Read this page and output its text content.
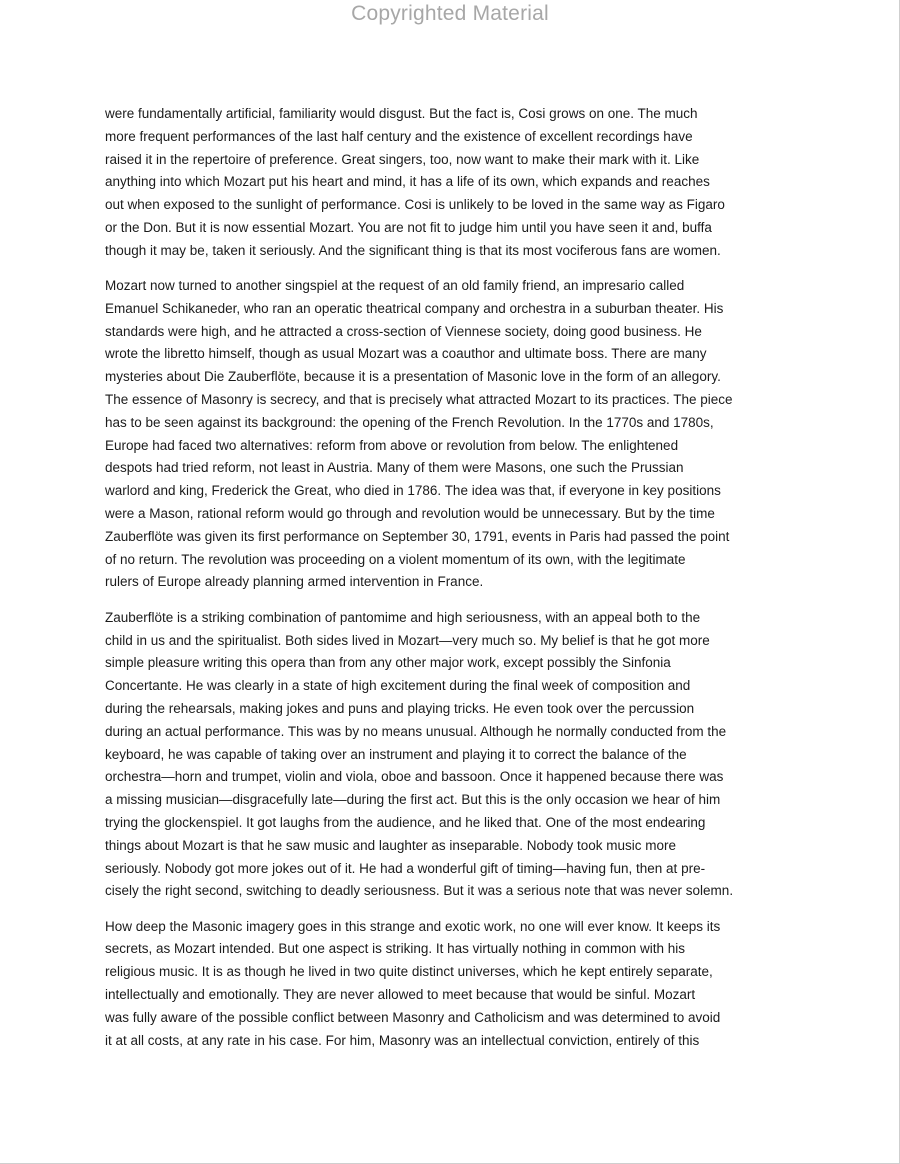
Copyrighted Material

were fundamentally artificial, familiarity would disgust. But the fact is, Cosi grows on one. The much
more frequent performances of the last half century and the existence of excellent recordings have
raised it in the repertoire of preference. Great singers, too, now want to make their mark with it. Like
anything into which Mozart put his heart and mind, it has a life of its own, which expands and reaches
out when exposed to the sunlight of performance. Cosi is unlikely to be loved in the same way as Figaro
or the Don. But it is now essential Mozart. You are not fit to judge him until you have seen it and, buffa
though it may be, taken it seriously. And the significant thing is that its most vociferous fans are women.

Mozart now turned to another singspiel at the request of an old family friend, an impresario called
Emanuel Schikaneder, who ran an operatic theatrical company and orchestra in a suburban theater. His
standards were high, and he attracted a cross-section of Viennese society, doing good business. He
wrote the libretto himself, though as usual Mozart was a coauthor and ultimate boss. There are many
mysteries about Die Zauberflöte, because it is a presentation of Masonic love in the form of an allegory.
The essence of Masonry is secrecy, and that is precisely what attracted Mozart to its practices. The piece
has to be seen against its background: the opening of the French Revolution. In the 1770s and 1780s,
Europe had faced two alternatives: reform from above or revolution from below. The enlightened
despots had tried reform, not least in Austria. Many of them were Masons, one such the Prussian
warlord and king, Frederick the Great, who died in 1786. The idea was that, if everyone in key positions
were a Mason, rational reform would go through and revolution would be unnecessary. But by the time
Zauberflöte was given its first performance on September 30, 1791, events in Paris had passed the point
of no return. The revolution was proceeding on a violent momentum of its own, with the legitimate
rulers of Europe already planning armed intervention in France.

Zauberflöte is a striking combination of pantomime and high seriousness, with an appeal both to the
child in us and the spiritualist. Both sides lived in Mozart—very much so. My belief is that he got more
simple pleasure writing this opera than from any other major work, except possibly the Sinfonia
Concertante. He was clearly in a state of high excitement during the final week of composition and
during the rehearsals, making jokes and puns and playing tricks. He even took over the percussion
during an actual performance. This was by no means unusual. Although he normally conducted from the
keyboard, he was capable of taking over an instrument and playing it to correct the balance of the
orchestra—horn and trumpet, violin and viola, oboe and bassoon. Once it happened because there was
a missing musician—disgracefully late—during the first act. But this is the only occasion we hear of him
trying the glockenspiel. It got laughs from the audience, and he liked that. One of the most endearing
things about Mozart is that he saw music and laughter as inseparable. Nobody took music more
seriously. Nobody got more jokes out of it. He had a wonderful gift of timing—having fun, then at pre-
cisely the right second, switching to deadly seriousness. But it was a serious note that was never solemn.

How deep the Masonic imagery goes in this strange and exotic work, no one will ever know. It keeps its
secrets, as Mozart intended. But one aspect is striking. It has virtually nothing in common with his
religious music. It is as though he lived in two quite distinct universes, which he kept entirely separate,
intellectually and emotionally. They are never allowed to meet because that would be sinful. Mozart
was fully aware of the possible conflict between Masonry and Catholicism and was determined to avoid
it at all costs, at any rate in his case. For him, Masonry was an intellectual conviction, entirely of this
